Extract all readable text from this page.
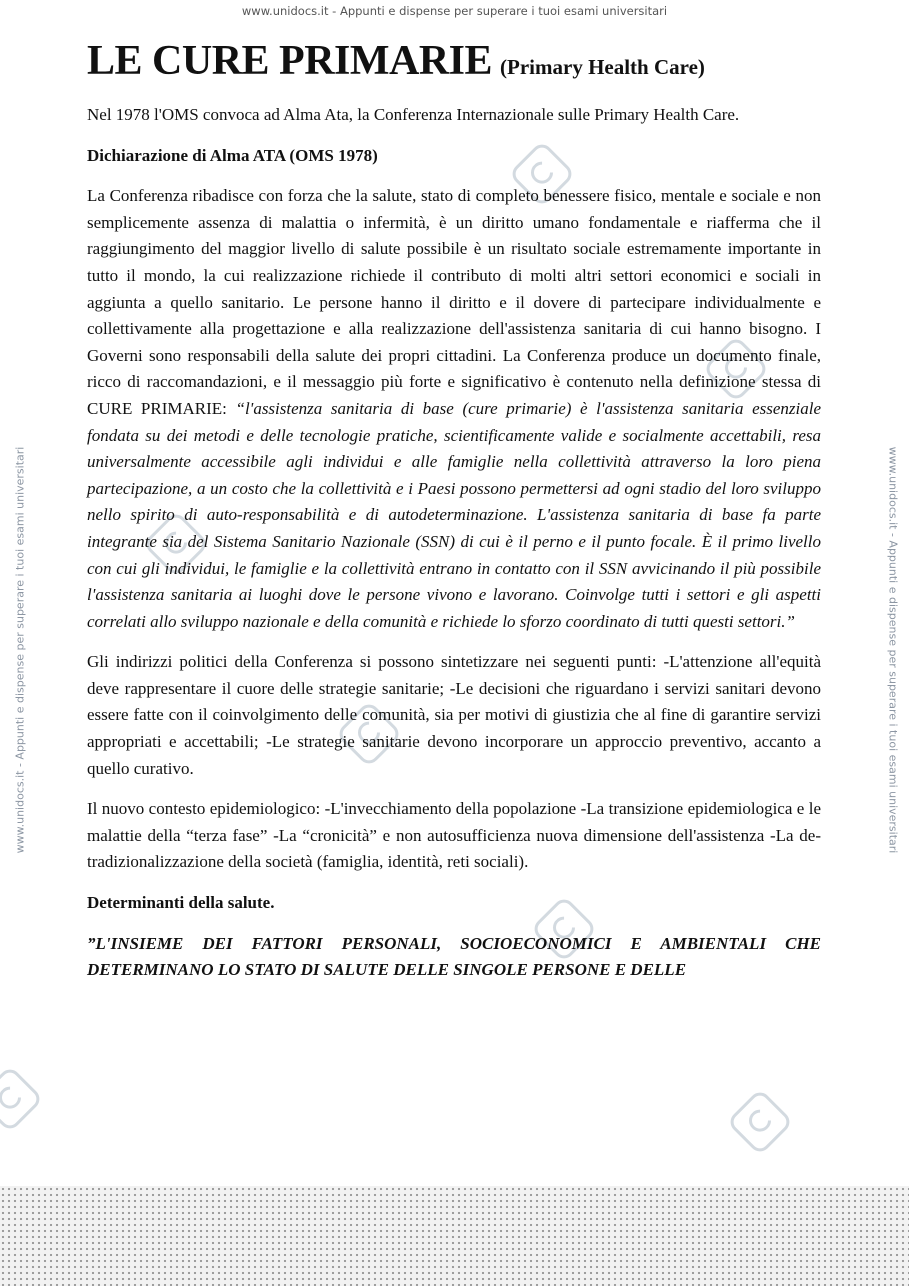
www.unidocs.it - Appunti e dispense per superare i tuoi esami universitari
www.unidocs.it - Appunti e dispense per superare i tuoi esami universitari	www.unidocs.it - Appunti e dispense per superare i tuoi esami universitari
LE CURE PRIMARIE (Primary Health Care)

Nel 1978 l'OMS convoca ad Alma Ata, la Conferenza Internazionale sulle Primary Health Care.

Dichiarazione di Alma ATA (OMS 1978)

La Conferenza ribadisce con forza che la salute, stato di completo benessere fisico, mentale e sociale e non semplicemente assenza di malattia o infermità, è un diritto umano fondamentale e riafferma che il raggiungimento del maggior livello di salute possibile è un risultato sociale estremamente importante in tutto il mondo, la cui realizzazione richiede il contributo di molti altri settori economici e sociali in aggiunta a quello sanitario. Le persone hanno il diritto e il dovere di partecipare individualmente e collettivamente alla progettazione e alla realizzazione dell'assistenza sanitaria di cui hanno bisogno. I Governi sono responsabili della salute dei propri cittadini. La Conferenza produce un documento finale, ricco di raccomandazioni, e il messaggio più forte e significativo è contenuto nella definizione stessa di CURE PRIMARIE: “l'assistenza sanitaria di base (cure primarie) è l'assistenza sanitaria essenziale fondata su dei metodi e delle tecnologie pratiche, scientificamente valide e socialmente accettabili, resa universalmente accessibile agli individui e alle famiglie nella collettività attraverso la loro piena partecipazione, a un costo che la collettività e i Paesi possono permettersi ad ogni stadio del loro sviluppo nello spirito di auto-responsabilità e di autodeterminazione. L'assistenza sanitaria di base fa parte integrante sia del Sistema Sanitario Nazionale (SSN) di cui è il perno e il punto focale. È il primo livello con cui gli individui, le famiglie e la collettività entrano in contatto con il SSN avvicinando il più possibile l'assistenza sanitaria ai luoghi dove le persone vivono e lavorano. Coinvolge tutti i settori e gli aspetti correlati allo sviluppo nazionale e della comunità e richiede lo sforzo coordinato di tutti questi settori.”

Gli indirizzi politici della Conferenza si possono sintetizzare nei seguenti punti: -L'attenzione all'equità deve rappresentare il cuore delle strategie sanitarie; -Le decisioni che riguardano i servizi sanitari devono essere fatte con il coinvolgimento delle comunità, sia per motivi di giustizia che al fine di garantire servizi appropriati e accettabili; -Le strategie sanitarie devono incorporare un approccio preventivo, accanto a quello curativo.

Il nuovo contesto epidemiologico: -L'invecchiamento della popolazione -La transizione epidemiologica e le malattie della “terza fase” -La “cronicità” e non autosufficienza nuova dimensione dell'assistenza -La de-tradizionalizzazione della società (famiglia, identità, reti sociali).

Determinanti della salute.

”L'INSIEME DEI FATTORI PERSONALI, SOCIOECONOMICI E AMBIENTALI CHE DETERMINANO LO STATO DI SALUTE DELLE SINGOLE PERSONE E DELLE
